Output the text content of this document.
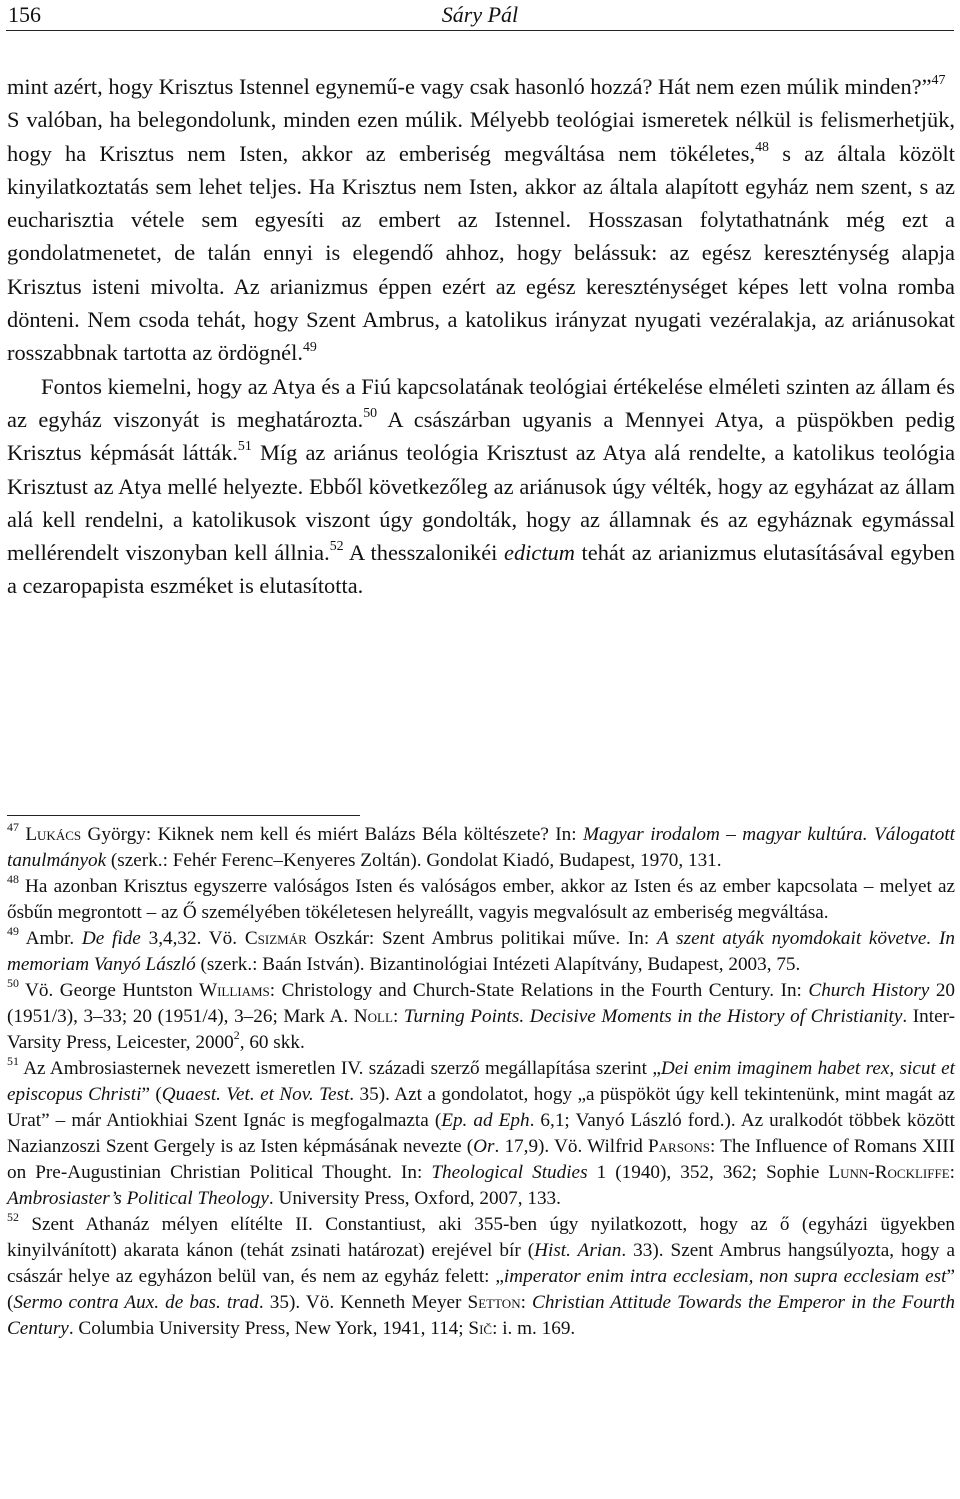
156	Sáry Pál

mint azért, hogy Krisztus Istennel egynemű-e vagy csak hasonló hozzá? Hát nem ezen múlik minden?”$^{47}$

S valóban, ha belegondolunk, minden ezen múlik. Mélyebb teológiai ismeretek nélkül is felismerhetjük, hogy ha Krisztus nem Isten, akkor az emberiség megváltása nem tökéletes,$^{48}$ s az általa közölt kinyilatkoztatás sem lehet teljes. Ha Krisztus nem Isten, akkor az általa alapított egyház nem szent, s az eucharisztia vétele sem egyesíti az embert az Istennel. Hosszasan folytathatnánk még ezt a gondolatmenetet, de talán ennyi is elegendő ahhoz, hogy belássuk: az egész kereszténység alapja Krisztus isteni mivolta. Az arianizmus éppen ezért az egész kereszténységet képes lett volna romba dönteni. Nem csoda tehát, hogy Szent Ambrus, a katolikus irányzat nyugati vezéralakja, az ariánusokat rosszabbnak tartotta az ördögnél.$^{49}$

Fontos kiemelni, hogy az Atya és a Fiú kapcsolatának teológiai értékelése elméleti szinten az állam és az egyház viszonyát is meghatározta.$^{50}$ A császárban ugyanis a Mennyei Atya, a püspökben pedig Krisztus képmását látták.$^{51}$ Míg az ariánus teológia Krisztust az Atya alá rendelte, a katolikus teológia Krisztust az Atya mellé helyezte. Ebből következőleg az ariánusok úgy vélték, hogy az egyházat az állam alá kell rendelni, a katolikusok viszont úgy gondolták, hogy az államnak és az egyháznak egymással mellérendelt viszonyban kell állnia.$^{52}$ A thesszalonikéi edictum tehát az arianizmus elutasításával egyben a cezaropapista eszméket is elutasította.

$^{47}$ Lukács György: Kiknek nem kell és miért Balázs Béla költészete? In: Magyar irodalom – magyar kultúra. Válogatott tanulmányok (szerk.: Fehér Ferenc–Kenyeres Zoltán). Gondolat Kiadó, Budapest, 1970, 131.

$^{48}$ Ha azonban Krisztus egyszerre valóságos Isten és valóságos ember, akkor az Isten és az ember kapcsolata – melyet az ősbűn megrontott – az Ő személyében tökéletesen helyreállt, vagyis megvalósult az emberiség megváltása.

$^{49}$ Ambr. De fide 3,4,32. Vö. Csizmár Oszkár: Szent Ambrus politikai műve. In: A szent atyák nyomdokait követve. In memoriam Vanyó László (szerk.: Baán István). Bizantinológiai Intézeti Alapítvány, Budapest, 2003, 75.

$^{50}$ Vö. George Huntston Williams: Christology and Church-State Relations in the Fourth Century. In: Church History 20 (1951/3), 3–33; 20 (1951/4), 3–26; Mark A. Noll: Turning Points. Decisive Moments in the History of Christianity. Inter-Varsity Press, Leicester, 2000$^2$, 60 skk.

$^{51}$ Az Ambrosiasternek nevezett ismeretlen IV. századi szerző megállapítása szerint „Dei enim imaginem habet rex, sicut et episcopus Christi” (Quaest. Vet. et Nov. Test. 35). Azt a gondolatot, hogy „a püspököt úgy kell tekintenünk, mint magát az Urat” – már Antiokhiai Szent Ignác is megfogalmazta (Ep. ad Eph. 6,1; Vanyó László ford.). Az uralkodót többek között Nazianzoszi Szent Gergely is az Isten képmásának nevezte (Or. 17,9). Vö. Wilfrid Parsons: The Influence of Romans XIII on Pre-Augustinian Christian Political Thought. In: Theological Studies 1 (1940), 352, 362; Sophie Lunn-Rockliffe: Ambrosiaster’s Political Theology. University Press, Oxford, 2007, 133.

$^{52}$ Szent Athanáz mélyen elítélte II. Constantiust, aki 355-ben úgy nyilatkozott, hogy az ő (egyházi ügyekben kinyilvánított) akarata kánon (tehát zsinati határozat) erejével bír (Hist. Arian. 33). Szent Ambrus hangsúlyozta, hogy a császár helye az egyházon belül van, és nem az egyház felett: „imperator enim intra ecclesiam, non supra ecclesiam est” (Sermo contra Aux. de bas. trad. 35). Vö. Kenneth Meyer Setton: Christian Attitude Towards the Emperor in the Fourth Century. Columbia University Press, New York, 1941, 114; Sič: i. m. 169.
